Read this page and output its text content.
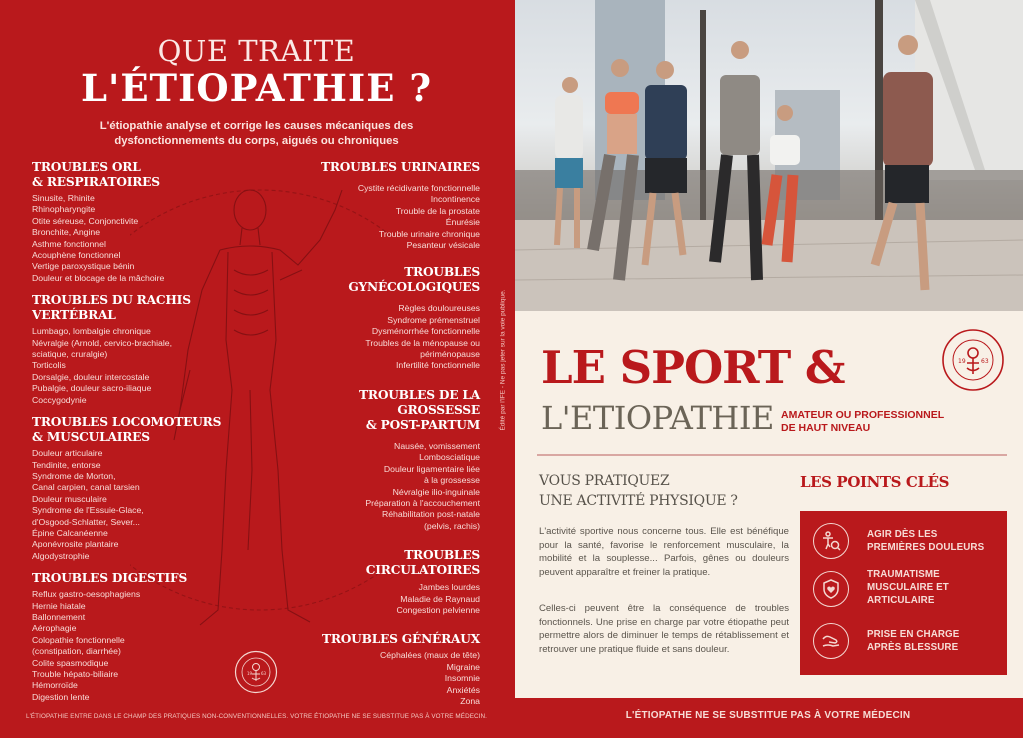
QUE TRAITE
L'ÉTIOPATHIE ?
L'étiopathie analyse et corrige les causes mécaniques des dysfonctionnements du corps, aigués ou chroniques
TROUBLES ORL
& RESPIRATOIRES
Sinusite, Rhinite
Rhinopharyngite
Otite séreuse, Conjonctivite
Bronchite, Angine
Asthme fonctionnel
Acouphène fonctionnel
Vertige paroxystique bénin
Douleur et blocage de la mâchoire
TROUBLES DU RACHIS
VERTÉBRAL
Lumbago, lombalgie chronique
Névralgie (Arnold, cervico-brachiale,
sciatique, cruralgie)
Torticolis
Dorsalgie, douleur intercostale
Pubalgie, douleur sacro-iliaque
Coccygodynie
TROUBLES LOCOMOTEURS
& MUSCULAIRES
Douleur articulaire
Tendinite, entorse
Syndrome de Morton,
Canal carpien, canal tarsien
Douleur musculaire
Syndrome de l'Essuie-Glace,
d'Osgood-Schlatter, Sever...
Épine Calcanéenne
Aponévrosite plantaire
Algodystrophie
TROUBLES DIGESTIFS
Reflux gastro-oesophagiens
Hernie hiatale
Ballonnement
Aérophagie
Colopathie fonctionnelle
(constipation, diarrhée)
Colite spasmodique
Trouble hépato-biliaire
Hémorroïde
Digestion lente
TROUBLES URINAIRES
Cystite récidivante fonctionnelle
Incontinence
Trouble de la prostate
Énurésie
Trouble urinaire chronique
Pesanteur vésicale
TROUBLES
GYNÉCOLOGIQUES
Règles douloureuses
Syndrome prémenstruel
Dysménorrhée fonctionnelle
Troubles de la ménopause ou
périménopause
Infertilité fonctionnelle
TROUBLES DE LA GROSSESSE
& POST-PARTUM
Nausée, vomissement
Lombosciatique
Douleur ligamentaire liée
à la grossesse
Névralgie ilio-inguinale
Préparation à l'accouchement
Réhabilitation post-natale
(pelvis, rachis)
TROUBLES
CIRCULATOIRES
Jambes lourdes
Maladie de Raynaud
Congestion pelvienne
TROUBLES GÉNÉRAUX
Céphalées (maux de tête)
Migraine
Insomnie
Anxiétés
Zona
19 63
Édité par l'IFE - Ne pas jeter sur la voie publique.
L'ÉTIOPATHIE ENTRE DANS LE CHAMP DES PRATIQUES NON-CONVENTIONNELLES. VOTRE ÉTIOPATHE NE SE SUBSTITUE PAS À VOTRE MÉDECIN.
LE SPORT &
L'ETIOPATHIE AMATEUR OU PROFESSIONNEL
DE HAUT NIVEAU
19	63
VOUS PRATIQUEZ
UNE ACTIVITÉ PHYSIQUE ?

L'activité sportive nous concerne tous. Elle est bénéfique pour la santé, favorise le renforcement musculaire, la mobilité et la souplesse... Parfois, gênes ou douleurs peuvent apparaître et freiner la pratique.

Celles-ci peuvent être la conséquence de troubles fonctionnels. Une prise en charge par votre étiopathe peut permettre alors de diminuer le temps de rétablissement et retrouver une pratique fluide et sans douleur.

LES POINTS CLÉS
AGIR DÈS LES
PREMIÈRES DOULEURS
TRAUMATISME
MUSCULAIRE ET
ARTICULAIRE
PRISE EN CHARGE
APRÈS BLESSURE
L'ÉTIOPATHE NE SE SUBSTITUE PAS À VOTRE MÉDECIN
